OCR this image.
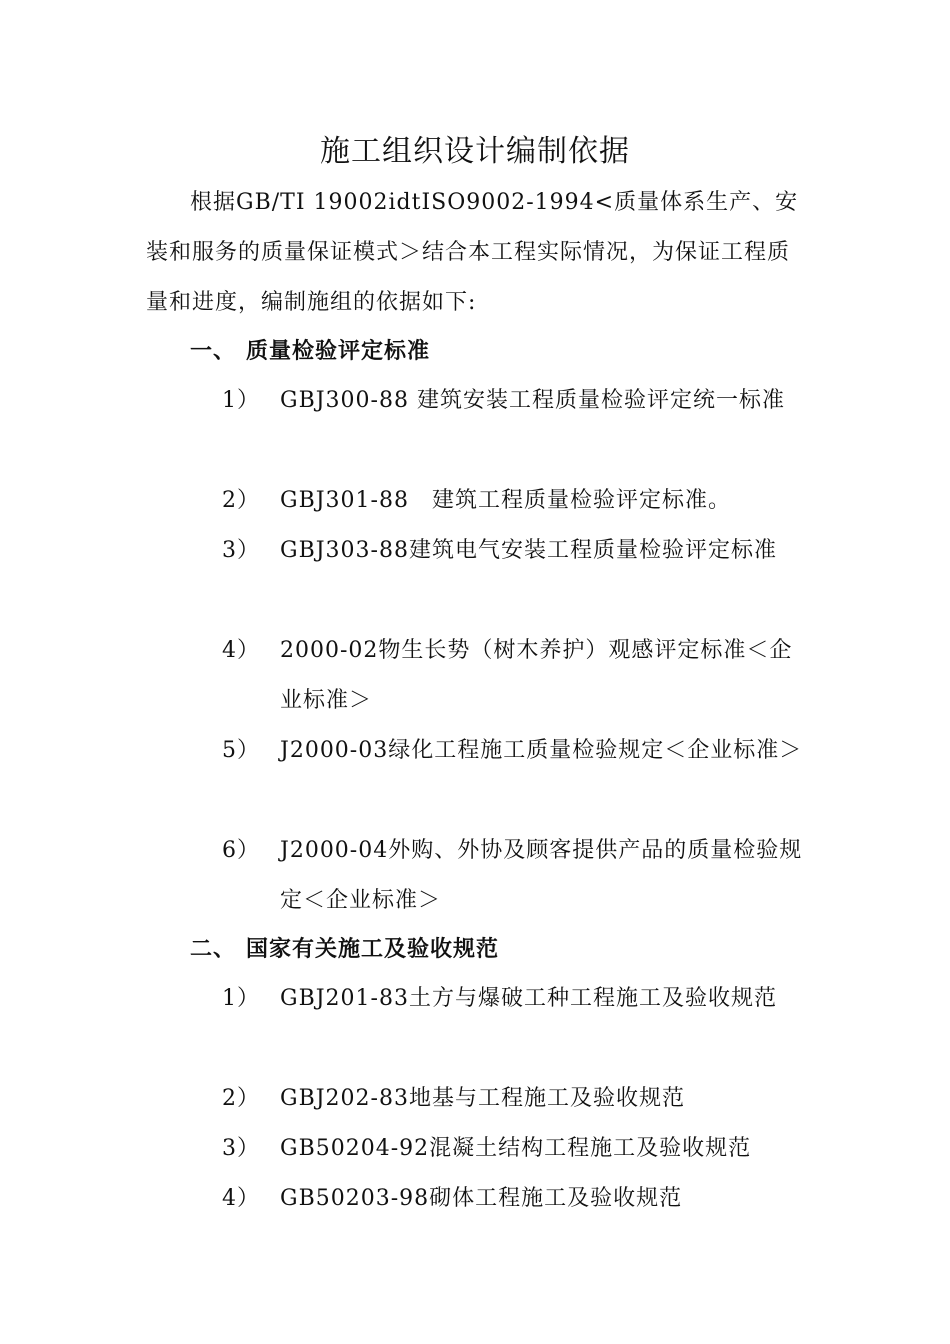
施工组织设计编制依据

根据GB/TI 19002idtISO9002-1994<质量体系生产、安装和服务的质量保证模式＞结合本工程实际情况，为保证工程质量和进度，编制施组的依据如下:

一、 质量检验评定标准
1） GBJ300-88 建筑安装工程质量检验评定统一标准
2） GBJ301-88　建筑工程质量检验评定标准。
3） GBJ303-88建筑电气安装工程质量检验评定标准
4） 2000-02物生长势（树木养护）观感评定标准＜企业标准＞
5） J2000-03绿化工程施工质量检验规定＜企业标准＞
6） J2000-04外购、外协及顾客提供产品的质量检验规定＜企业标准＞
二、 国家有关施工及验收规范
1） GBJ201-83土方与爆破工种工程施工及验收规范
2） GBJ202-83地基与工程施工及验收规范
3） GB50204-92混凝土结构工程施工及验收规范
4） GB50203-98砌体工程施工及验收规范
